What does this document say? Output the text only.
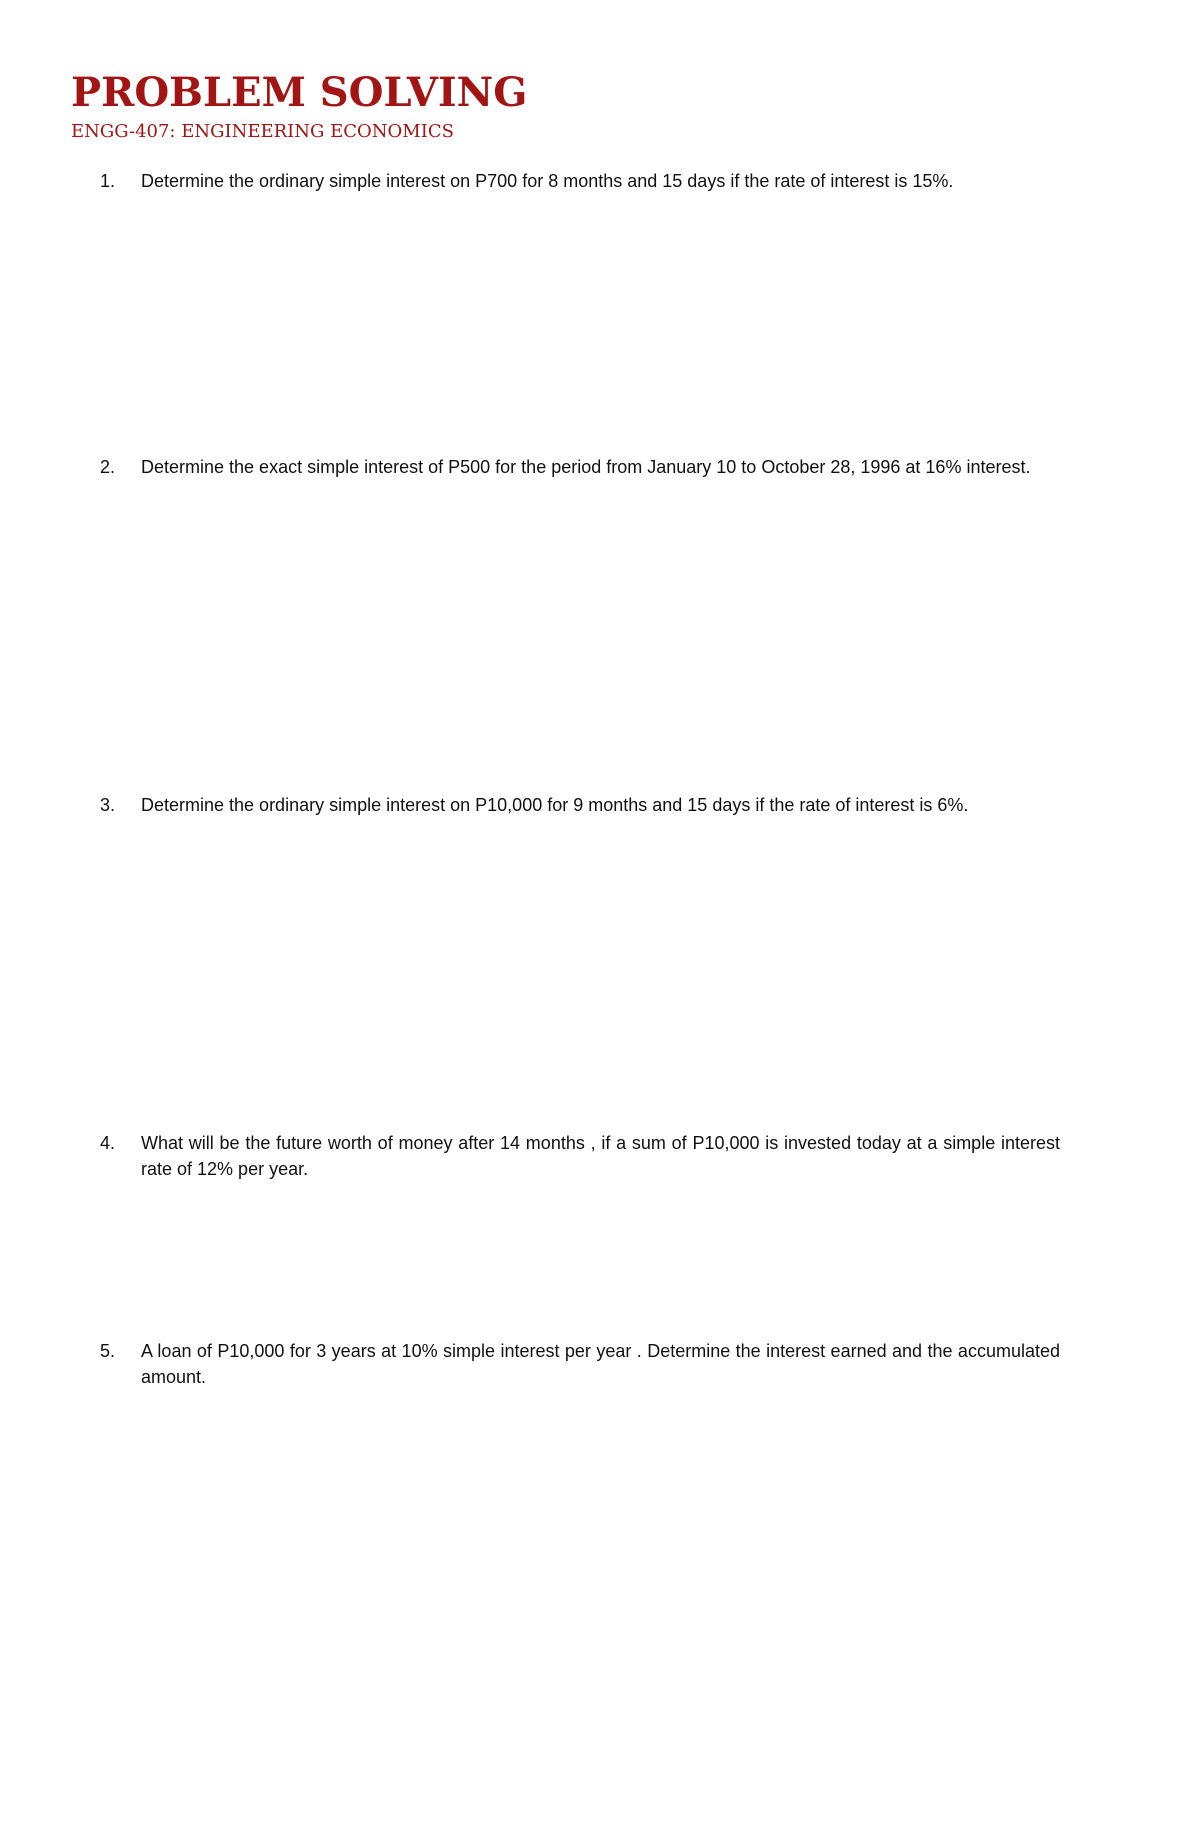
PROBLEM SOLVING
ENGG-407: ENGINEERING ECONOMICS
1.	Determine the ordinary simple interest on P700 for 8 months and 15 days if the rate of interest is 15%.
2.	Determine the exact simple interest of P500 for the period from January 10 to October 28, 1996 at 16% interest.
3.	Determine the ordinary simple interest on P10,000 for 9 months and 15 days if the rate of interest is 6%.
4.	What will be the future worth of money after 14 months , if a sum of P10,000 is invested today at a simple interest rate of 12% per year.
5.	A loan of P10,000 for 3 years at 10% simple interest per year . Determine the interest earned and the accumulated amount.
